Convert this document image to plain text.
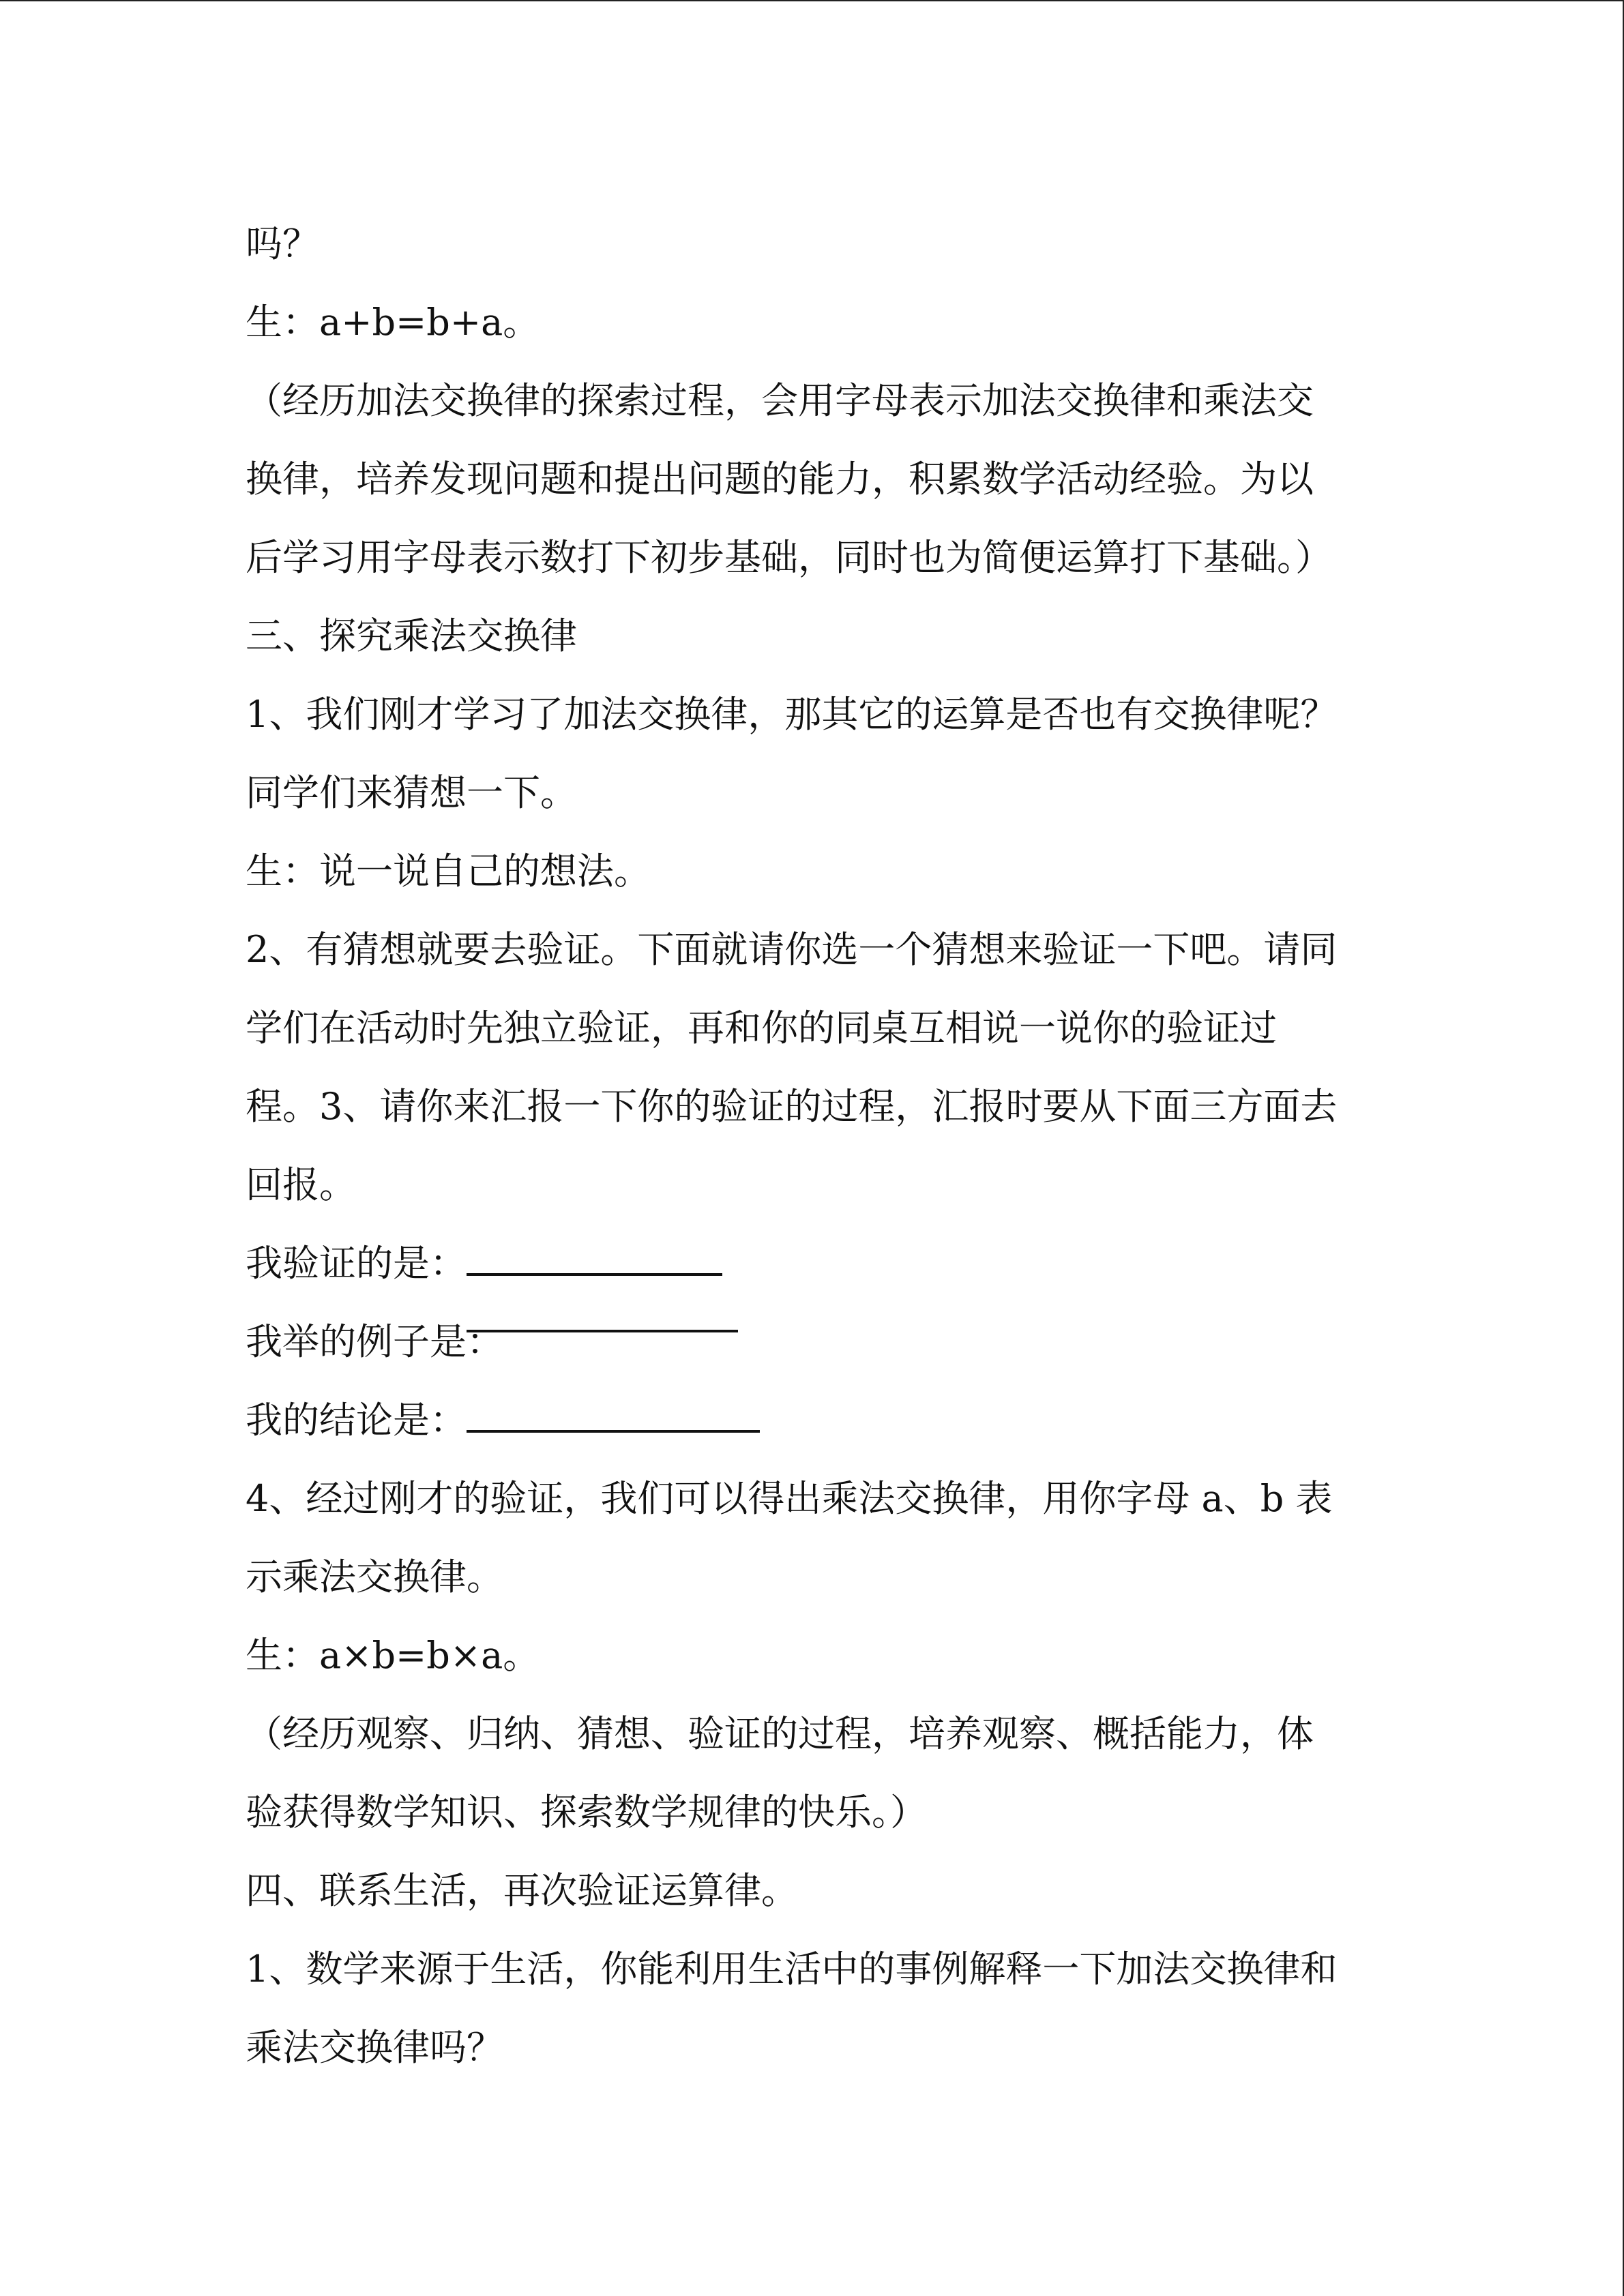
吗？
生：a+b=b+a。
（经历加法交换律的探索过程，会用字母表示加法交换律和乘法交
换律，培养发现问题和提出问题的能力，积累数学活动经验。为以
后学习用字母表示数打下初步基础，同时也为简便运算打下基础。）
三、探究乘法交换律
1、我们刚才学习了加法交换律，那其它的运算是否也有交换律呢？
同学们来猜想一下。
生：说一说自己的想法。
2、有猜想就要去验证。下面就请你选一个猜想来验证一下吧。请同
学们在活动时先独立验证，再和你的同桌互相说一说你的验证过
程。3、请你来汇报一下你的验证的过程，汇报时要从下面三方面去
回报。
我验证的是：
我举的例子是：
我的结论是：
4、经过刚才的验证，我们可以得出乘法交换律，用你字母 a、b 表
示乘法交换律。
生：a×b=b×a。
（经历观察、归纳、猜想、验证的过程，培养观察、概括能力，体
验获得数学知识、探索数学规律的快乐。）
四、联系生活，再次验证运算律。
1、数学来源于生活，你能利用生活中的事例解释一下加法交换律和
乘法交换律吗？
